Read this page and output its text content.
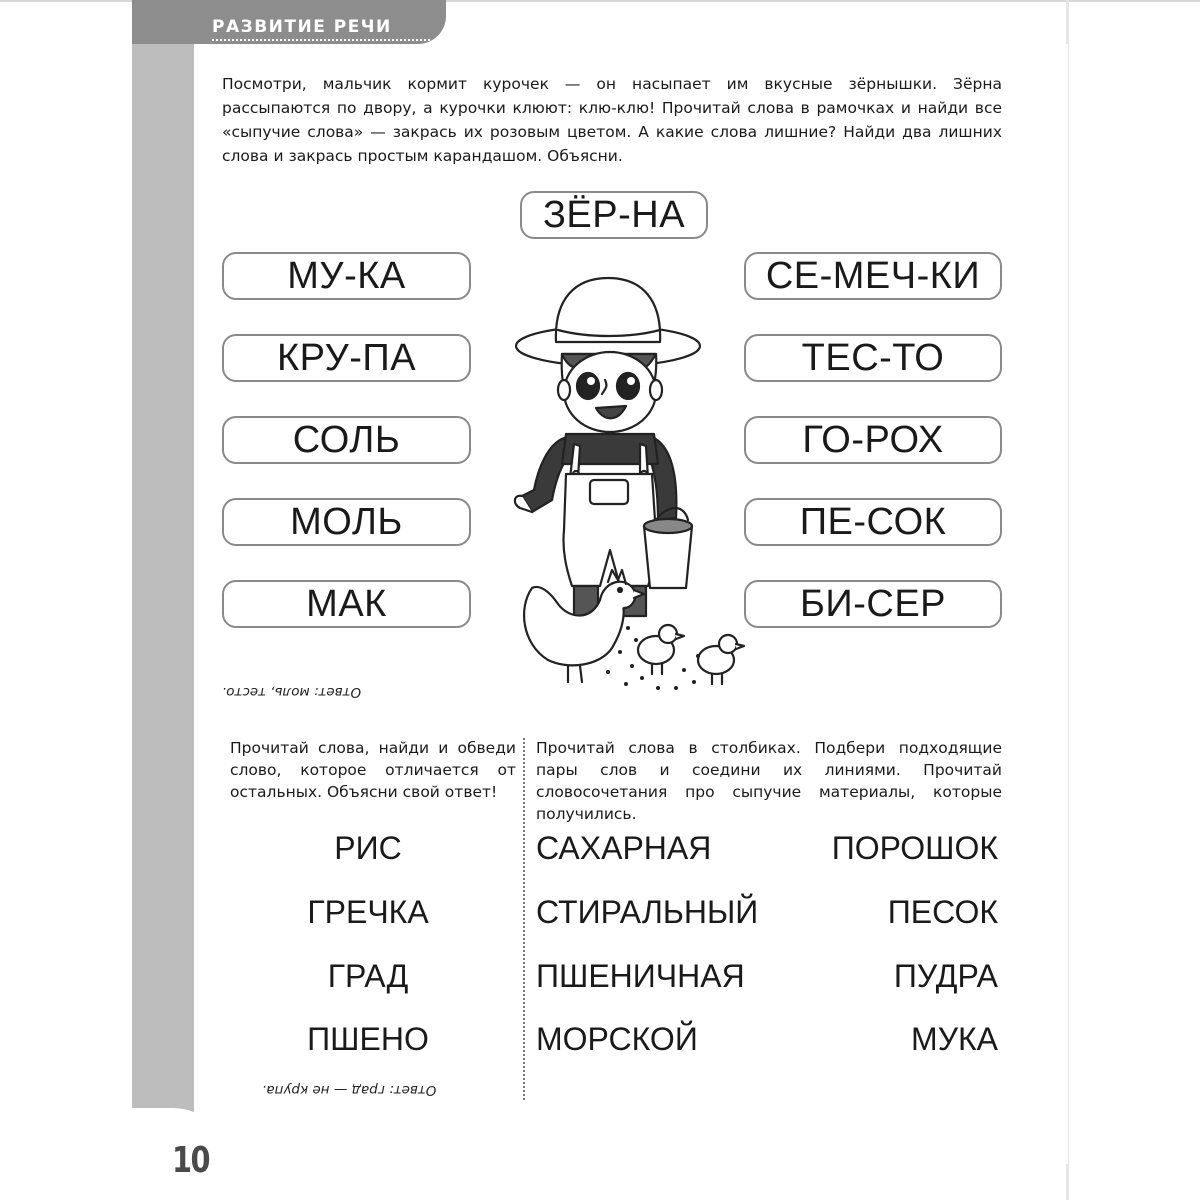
10
РАЗВИТИЕ РЕЧИ
Посмотри, мальчик кормит курочек — он насыпает им вкусные зёрнышки. Зёрна рассыпаются по двору, а курочки клюют: клю-клю! Прочитай слова в рамочках и найди все «сыпучие слова» — закрась их розовым цветом. А какие слова лишние? Найди два лишних слова и закрась простым карандашом. Объясни.
ЗЁР-НА
МУ-КА
КРУ-ПА
СОЛЬ
МОЛЬ
МАК
СЕ-МЕЧ-КИ
ТЕС-ТО
ГО-РОХ
ПЕ-СОК
БИ-СЕР
Ответ: моль, тесто.
Прочитай слова, найди и обведи слово, которое отличается от остальных. Объясни свой ответ!
РИС
ГРЕЧКА
ГРАД
ПШЕНО
Ответ: град — не крупа.
Прочитай слова в столбиках. Подбери подходящие пары слов и соедини их линиями. Прочитай словосочетания про сыпучие материалы, которые получились.
САХАРНАЯ
СТИРАЛЬНЫЙ
ПШЕНИЧНАЯ
МОРСКОЙ
ПОРОШОК
ПЕСОК
ПУДРА
МУКА
